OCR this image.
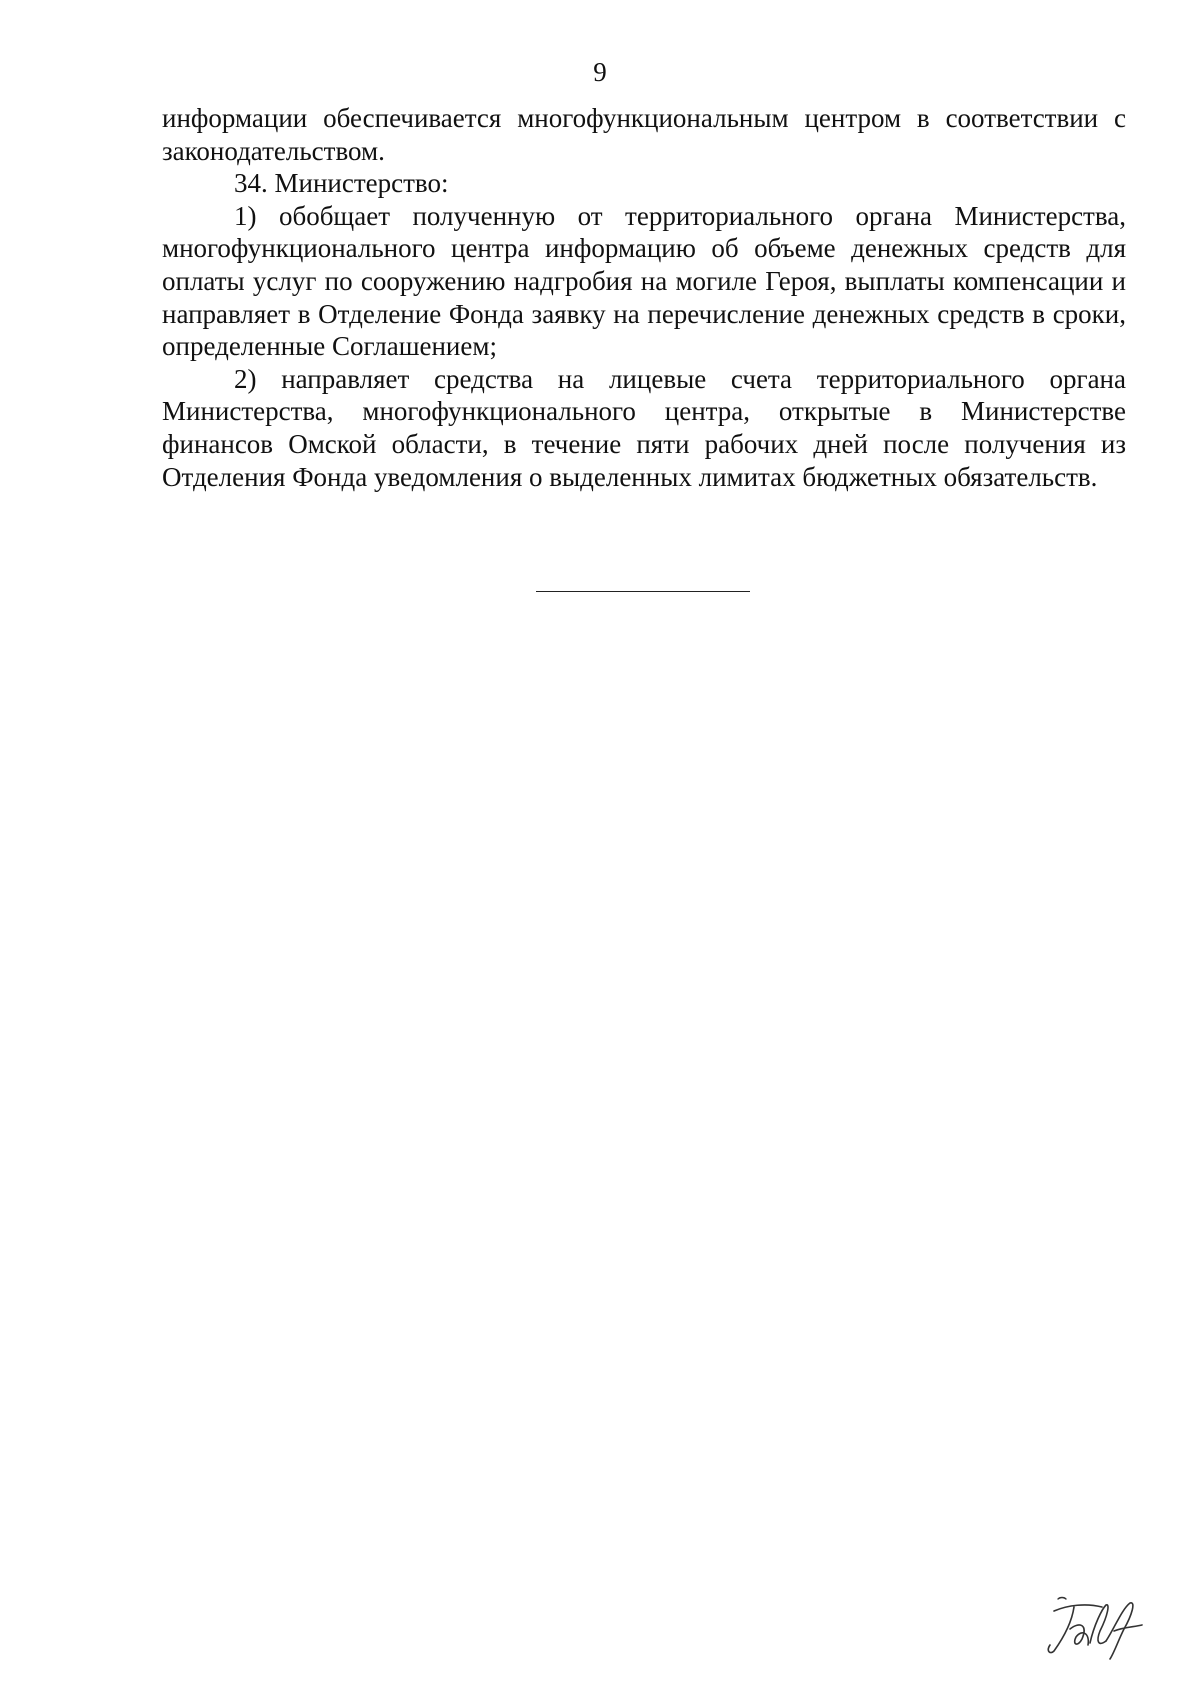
9

информации обеспечивается многофункциональным центром в соответствии с законодательством.

34. Министерство:

1) обобщает полученную от территориального органа Министерства, многофункционального центра информацию об объеме денежных средств для оплаты услуг по сооружению надгробия на могиле Героя, выплаты компенсации и направляет в Отделение Фонда заявку на перечисление денежных средств в сроки, определенные Соглашением;

2) направляет средства на лицевые счета территориального органа Министерства, многофункционального центра, открытые в Министерстве финансов Омской области, в течение пяти рабочих дней после получения из Отделения Фонда уведомления о выделенных лимитах бюджетных обязательств.
